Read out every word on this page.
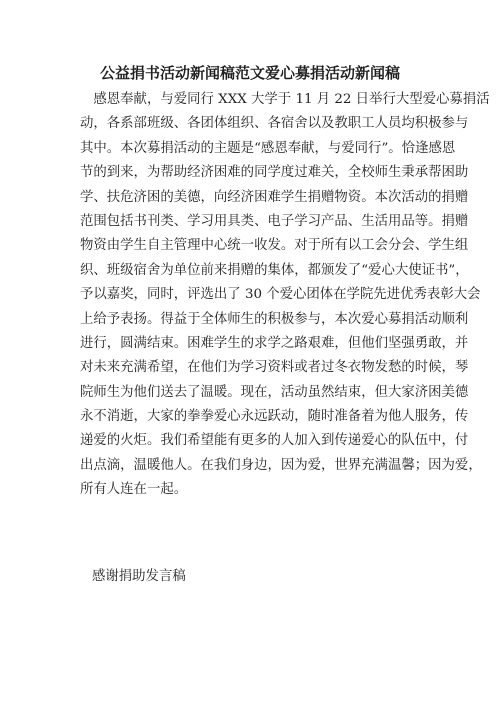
公益捐书活动新闻稿范文爱心募捐活动新闻稿
　感恩奉献，与爱同行 XXX 大学于 11 月 22 日举行大型爱心募捐活
动，各系部班级、各团体组织、各宿舍以及教职工人员均积极参与
其中。本次募捐活动的主题是“感恩奉献，与爱同行”。恰逢感恩
节的到来，为帮助经济困难的同学度过难关，全校师生秉承帮困助
学、扶危济困的美德，向经济困难学生捐赠物资。本次活动的捐赠
范围包括书刊类、学习用具类、电子学习产品、生活用品等。捐赠
物资由学生自主管理中心统一收发。对于所有以工会分会、学生组
织、班级宿舍为单位前来捐赠的集体，都颁发了“爱心大使证书”，
予以嘉奖，同时，评选出了 30 个爱心团体在学院先进优秀表彰大会
上给予表扬。得益于全体师生的积极参与，本次爱心募捐活动顺利
进行，圆满结束。困难学生的求学之路艰难，但他们坚强勇敢，并
对未来充满希望，在他们为学习资料或者过冬衣物发愁的时候，琴
院师生为他们送去了温暖。现在，活动虽然结束，但大家济困美德
永不消逝，大家的拳拳爱心永远跃动，随时准备着为他人服务，传
递爱的火炬。我们希望能有更多的人加入到传递爱心的队伍中，付
出点滴，温暖他人。在我们身边，因为爱，世界充满温馨；因为爱，
所有人连在一起。
感谢捐助发言稿
